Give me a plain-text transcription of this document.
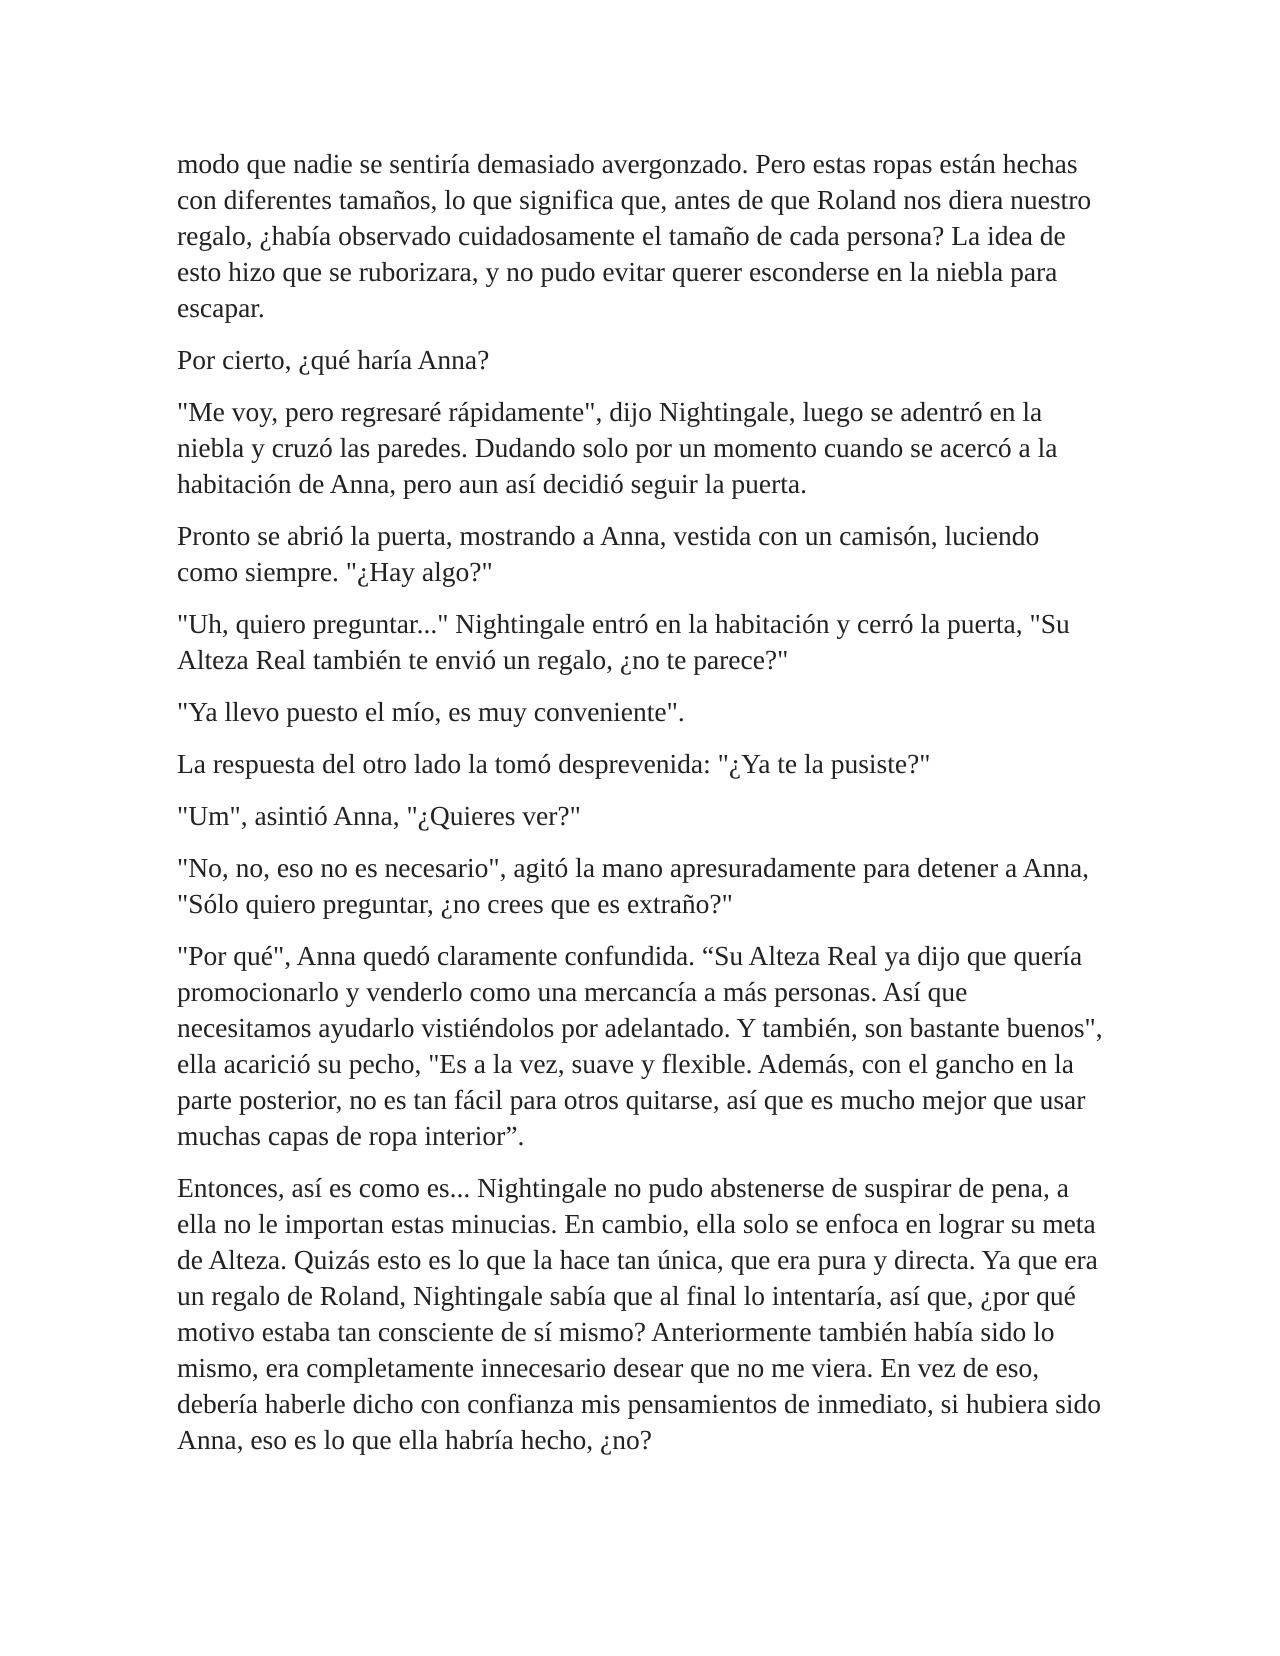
modo que nadie se sentiría demasiado avergonzado. Pero estas ropas están hechas con diferentes tamaños, lo que significa que, antes de que Roland nos diera nuestro regalo, ¿había observado cuidadosamente el tamaño de cada persona? La idea de esto hizo que se ruborizara, y no pudo evitar querer esconderse en la niebla para escapar.

Por cierto, ¿qué haría Anna?

"Me voy, pero regresaré rápidamente", dijo Nightingale, luego se adentró en la niebla y cruzó las paredes. Dudando solo por un momento cuando se acercó a la habitación de Anna, pero aun así decidió seguir la puerta.

Pronto se abrió la puerta, mostrando a Anna, vestida con un camisón, luciendo como siempre. "¿Hay algo?"

"Uh, quiero preguntar..." Nightingale entró en la habitación y cerró la puerta, "Su Alteza Real también te envió un regalo, ¿no te parece?"

"Ya llevo puesto el mío, es muy conveniente".

La respuesta del otro lado la tomó desprevenida: "¿Ya te la pusiste?"

"Um", asintió Anna, "¿Quieres ver?"

"No, no, eso no es necesario", agitó la mano apresuradamente para detener a Anna, "Sólo quiero preguntar, ¿no crees que es extraño?"

"Por qué", Anna quedó claramente confundida. “Su Alteza Real ya dijo que quería promocionarlo y venderlo como una mercancía a más personas. Así que necesitamos ayudarlo vistiéndolos por adelantado. Y también, son bastante buenos", ella acarició su pecho, "Es a la vez, suave y flexible. Además, con el gancho en la parte posterior, no es tan fácil para otros quitarse, así que es mucho mejor que usar muchas capas de ropa interior”.

Entonces, así es como es... Nightingale no pudo abstenerse de suspirar de pena, a ella no le importan estas minucias. En cambio, ella solo se enfoca en lograr su meta de Alteza. Quizás esto es lo que la hace tan única, que era pura y directa. Ya que era un regalo de Roland, Nightingale sabía que al final lo intentaría, así que, ¿por qué motivo estaba tan consciente de sí mismo? Anteriormente también había sido lo mismo, era completamente innecesario desear que no me viera. En vez de eso, debería haberle dicho con confianza mis pensamientos de inmediato, si hubiera sido Anna, eso es lo que ella habría hecho, ¿no?
